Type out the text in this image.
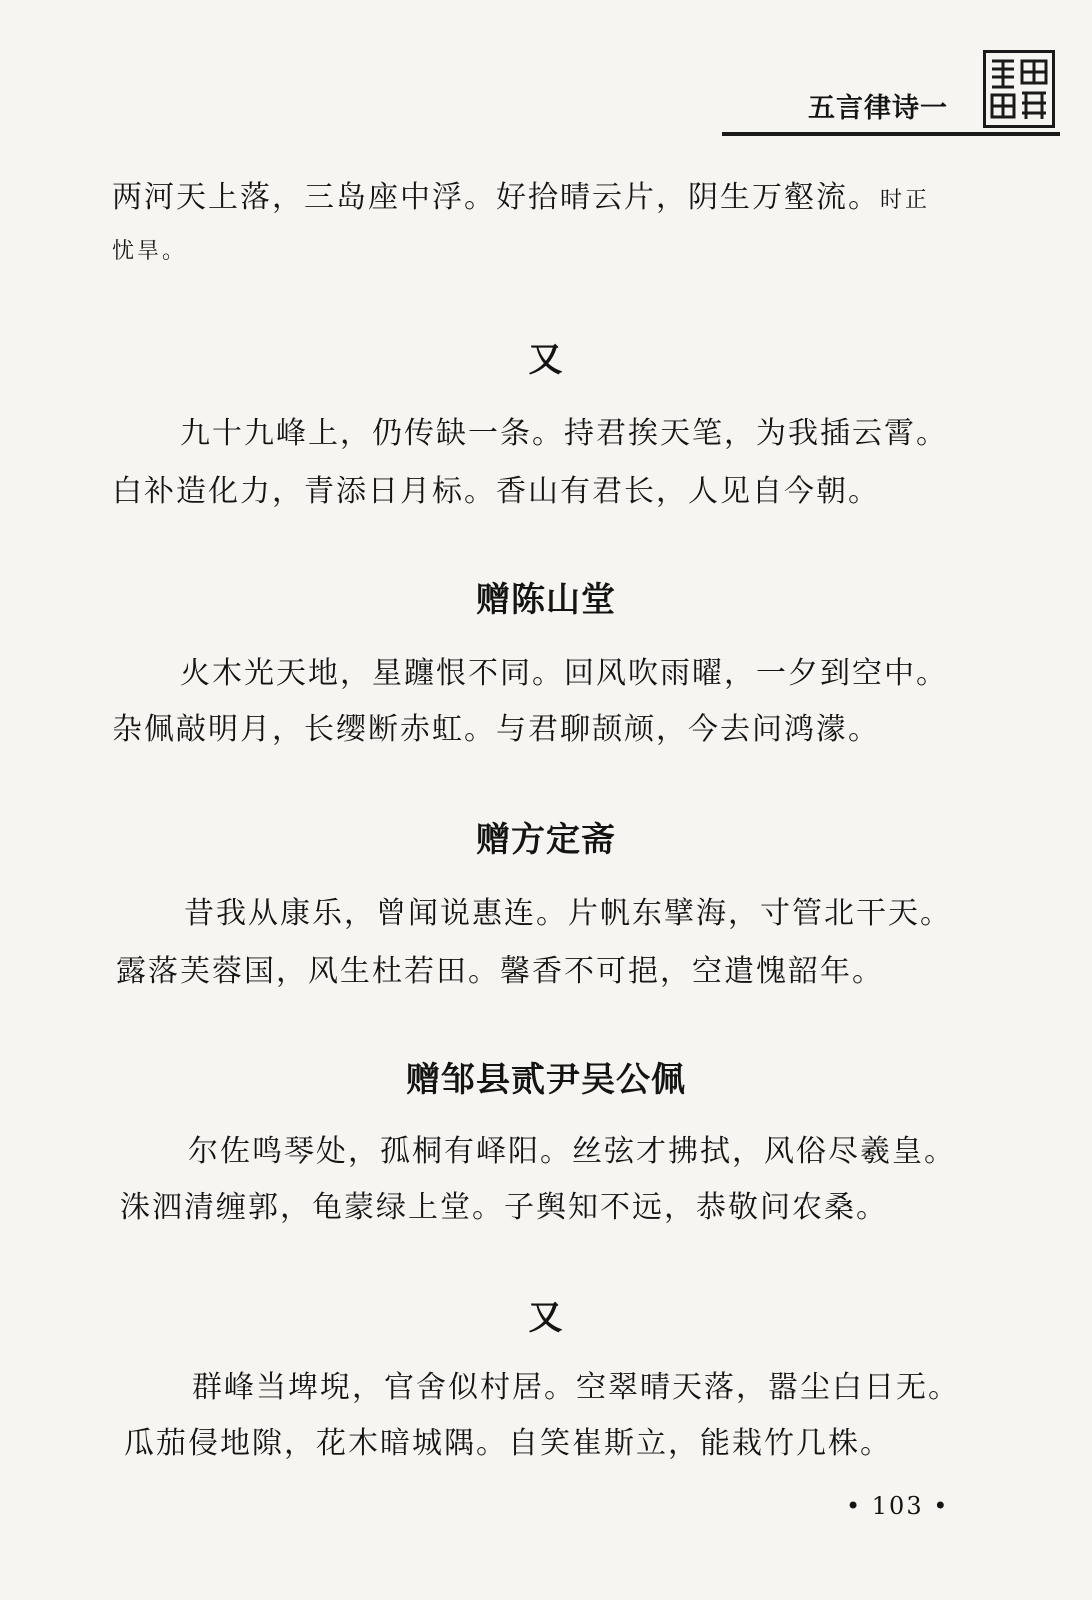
五言律诗一
两河天上落，三岛座中浮。好拾晴云片，阴生万壑流。时正
忧旱。
又
九十九峰上，仍传缺一条。持君挨天笔，为我插云霄。
白补造化力，青添日月标。香山有君长，人见自今朝。
赠陈山堂
火木光天地，星躔恨不同。回风吹雨曜，一夕到空中。
杂佩敲明月，长缨断赤虹。与君聊颉颃，今去问鸿濛。
赠方定斋
昔我从康乐，曾闻说惠连。片帆东擘海，寸管北干天。
露落芙蓉国，风生杜若田。馨香不可挹，空遣愧韶年。
赠邹县贰尹吴公佩
尔佐鸣琴处，孤桐有峄阳。丝弦才拂拭，风俗尽羲皇。
洙泗清缠郭，龟蒙绿上堂。子舆知不远，恭敬问农桑。
又
群峰当埤堄，官舍似村居。空翠晴天落，嚣尘白日无。
瓜茄侵地隙，花木暗城隅。自笑崔斯立，能栽竹几株。
• 103 •
